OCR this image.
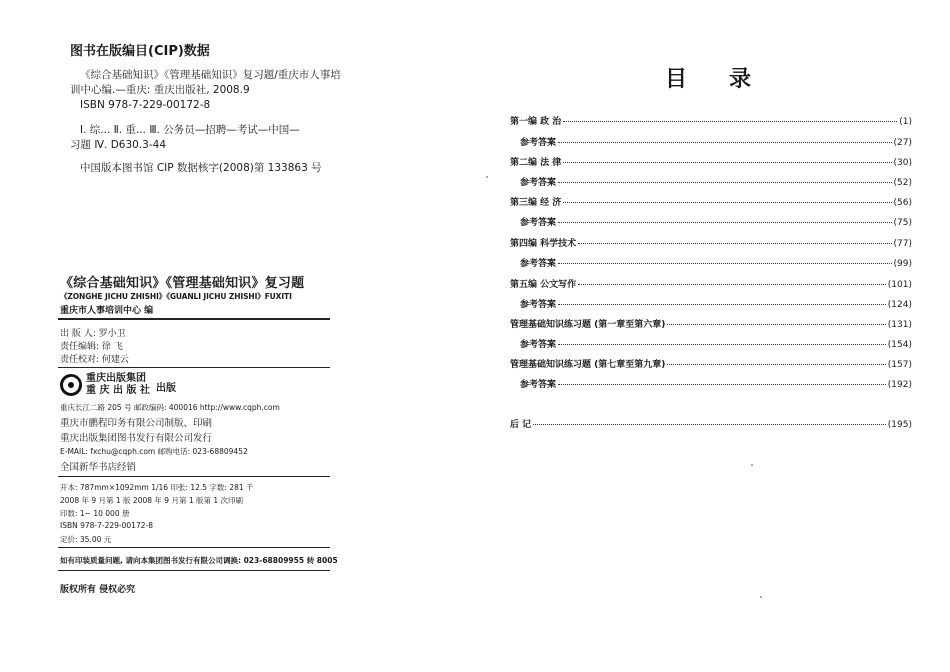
图书在版编目(CIP)数据
《综合基础知识》《管理基础知识》复习题/重庆市人事培
训中心编.—重庆: 重庆出版社, 2008.9
ISBN 978-7-229-00172-8
Ⅰ. 综... Ⅱ. 重... Ⅲ. 公务员—招聘—考试—中国—
习题 Ⅳ. D630.3-44
中国版本图书馆 CIP 数据核字(2008)第 133863 号
《综合基础知识》《管理基础知识》复习题
《ZONGHE JICHU ZHISHI》《GUANLI JICHU ZHISHI》FUXITI
重庆市人事培训中心 编
出 版 人: 罗小卫
责任编辑: 徐 飞
责任校对: 何建云
重庆出版集团
重 庆 出 版 社 出版
重庆长江二路 205 号 邮政编码: 400016 http://www.cqph.com
重庆市鹏程印务有限公司制版、印刷
重庆出版集团图书发行有限公司发行
E-MAIL: fxchu@cqph.com 邮购电话: 023-68809452
全国新华书店经销
开本: 787mm×1092mm 1/16 印张: 12.5 字数: 281 千
2008 年 9 月第 1 版 2008 年 9 月第 1 版第 1 次印刷
印数: 1~ 10 000 册
ISBN 978-7-229-00172-8
定价: 35.00 元
如有印装质量问题, 请向本集团图书发行有限公司调换: 023-68809955 转 8005
版权所有 侵权必究
目录
第一编 政 治	(1)
参考答案	(27)
第二编 法 律	(30)
参考答案	(52)
第三编 经 济	(56)
参考答案	(75)
第四编 科学技术	(77)
参考答案	(99)
第五编 公文写作	(101)
参考答案	(124)
管理基础知识练习题 (第一章至第六章)	(131)
参考答案	(154)
管理基础知识练习题 (第七章至第九章)	(157)
参考答案	(192)
后 记	(195)
